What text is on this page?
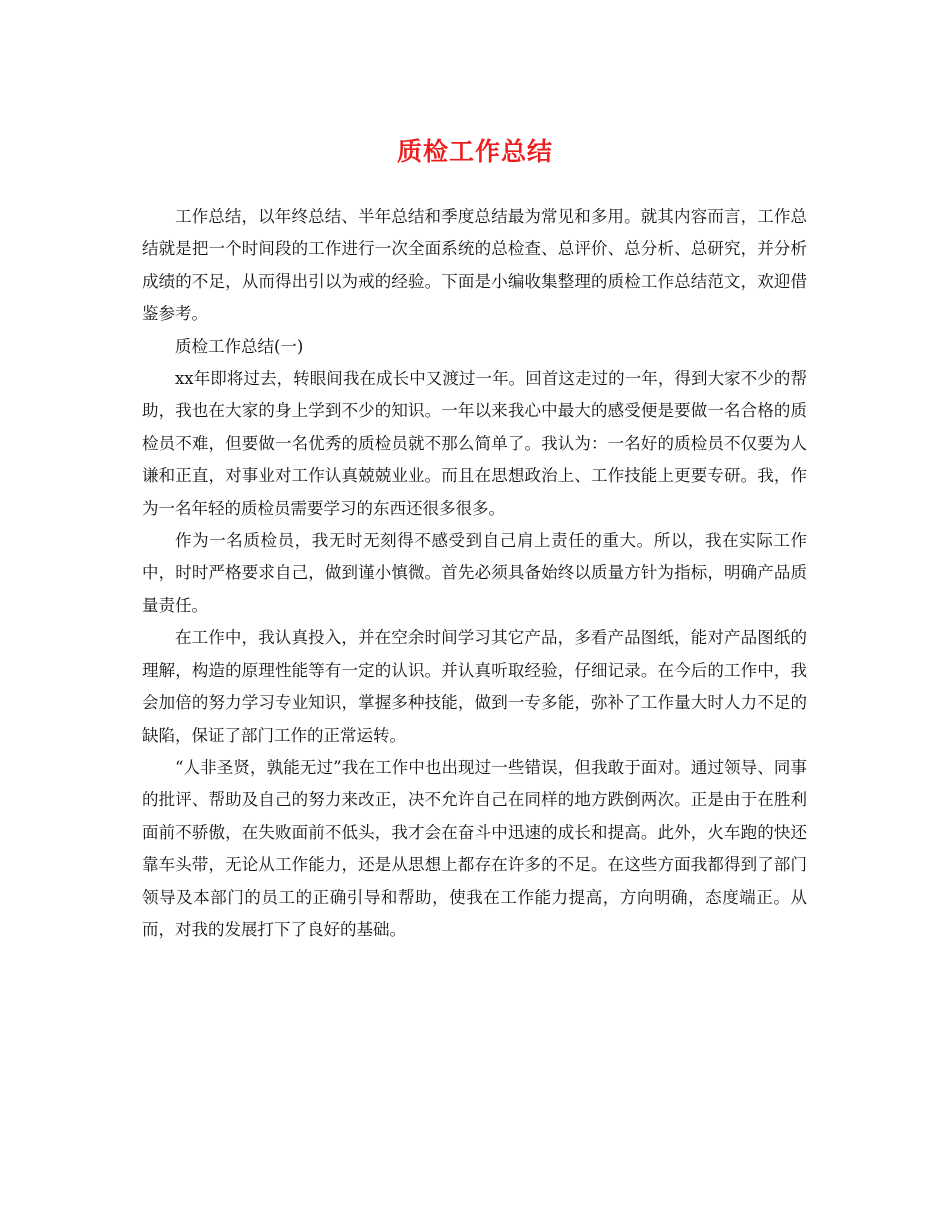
质检工作总结

工作总结，以年终总结、半年总结和季度总结最为常见和多用。就其内容而言，工作总结就是把一个时间段的工作进行一次全面系统的总检查、总评价、总分析、总研究，并分析成绩的不足，从而得出引以为戒的经验。下面是小编收集整理的质检工作总结范文，欢迎借鉴参考。

质检工作总结(一)

xx年即将过去，转眼间我在成长中又渡过一年。回首这走过的一年，得到大家不少的帮助，我也在大家的身上学到不少的知识。一年以来我心中最大的感受便是要做一名合格的质检员不难，但要做一名优秀的质检员就不那么简单了。我认为：一名好的质检员不仅要为人谦和正直，对事业对工作认真兢兢业业。而且在思想政治上、工作技能上更要专研。我，作为一名年轻的质检员需要学习的东西还很多很多。

作为一名质检员，我无时无刻得不感受到自己肩上责任的重大。所以，我在实际工作中，时时严格要求自己，做到谨小慎微。首先必须具备始终以质量方针为指标，明确产品质量责任。

在工作中，我认真投入，并在空余时间学习其它产品，多看产品图纸，能对产品图纸的理解，构造的原理性能等有一定的认识。并认真听取经验，仔细记录。在今后的工作中，我会加倍的努力学习专业知识，掌握多种技能，做到一专多能，弥补了工作量大时人力不足的缺陷，保证了部门工作的正常运转。

“人非圣贤，孰能无过”我在工作中也出现过一些错误，但我敢于面对。通过领导、同事的批评、帮助及自己的努力来改正，决不允许自己在同样的地方跌倒两次。正是由于在胜利面前不骄傲，在失败面前不低头，我才会在奋斗中迅速的成长和提高。此外，火车跑的快还靠车头带，无论从工作能力，还是从思想上都存在许多的不足。在这些方面我都得到了部门领导及本部门的员工的正确引导和帮助，使我在工作能力提高，方向明确，态度端正。从而，对我的发展打下了良好的基础。
